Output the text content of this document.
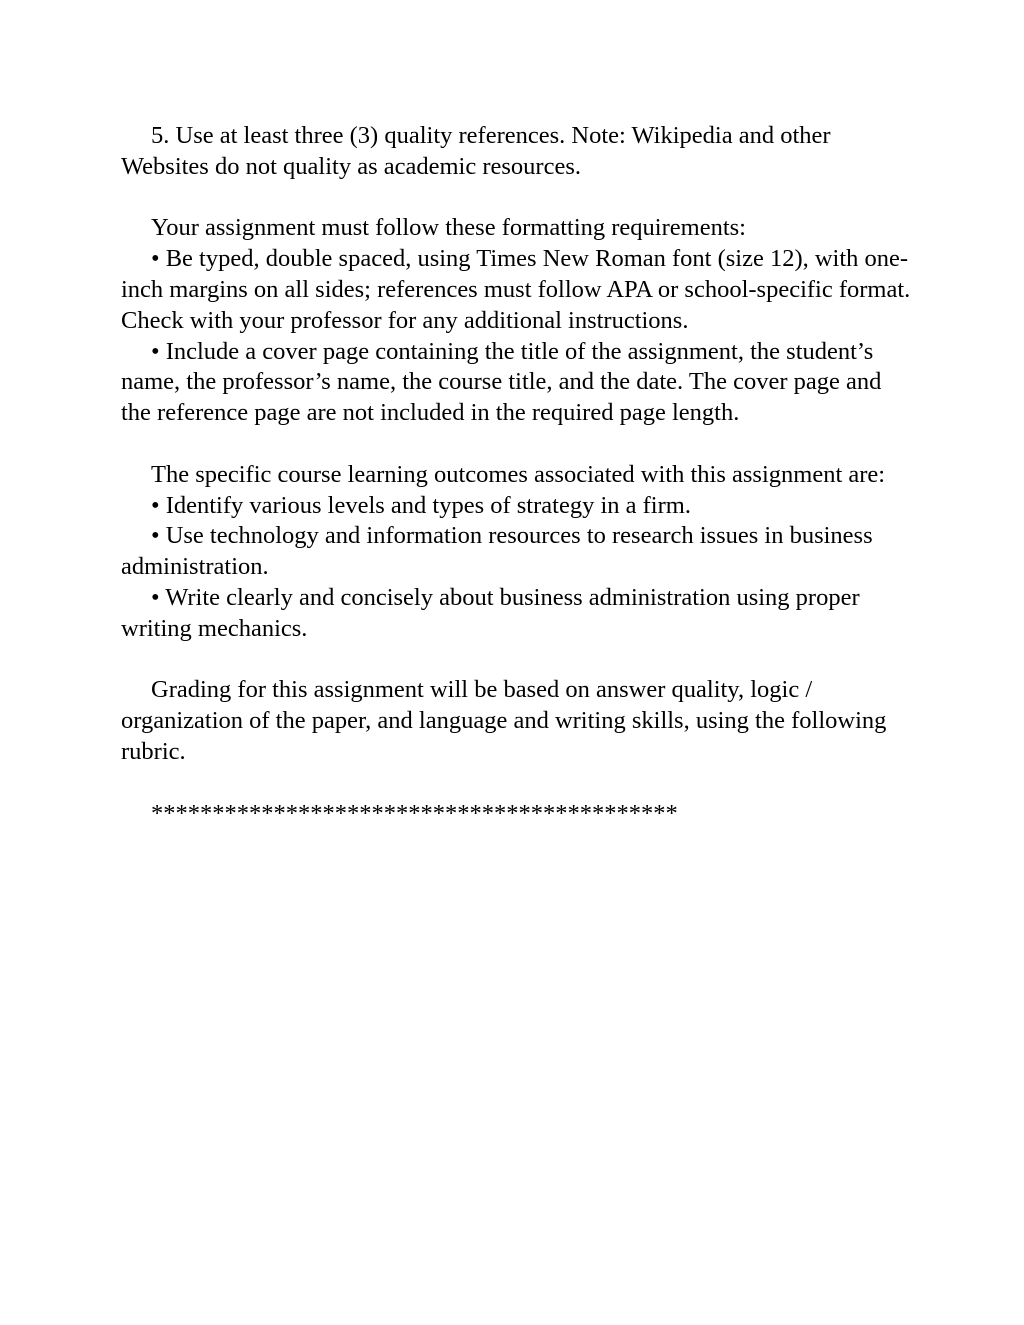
5. Use at least three (3) quality references. Note: Wikipedia and other Websites do not quality as academic resources.

Your assignment must follow these formatting requirements:

• Be typed, double spaced, using Times New Roman font (size 12), with one-inch margins on all sides; references must follow APA or school-specific format. Check with your professor for any additional instructions.

• Include a cover page containing the title of the assignment, the student’s name, the professor’s name, the course title, and the date. The cover page and the reference page are not included in the required page length.

The specific course learning outcomes associated with this assignment are:

• Identify various levels and types of strategy in a firm.

• Use technology and information resources to research issues in business administration.

• Write clearly and concisely about business administration using proper writing mechanics.

Grading for this assignment will be based on answer quality, logic / organization of the paper, and language and writing skills, using the following rubric.

*******************************************
